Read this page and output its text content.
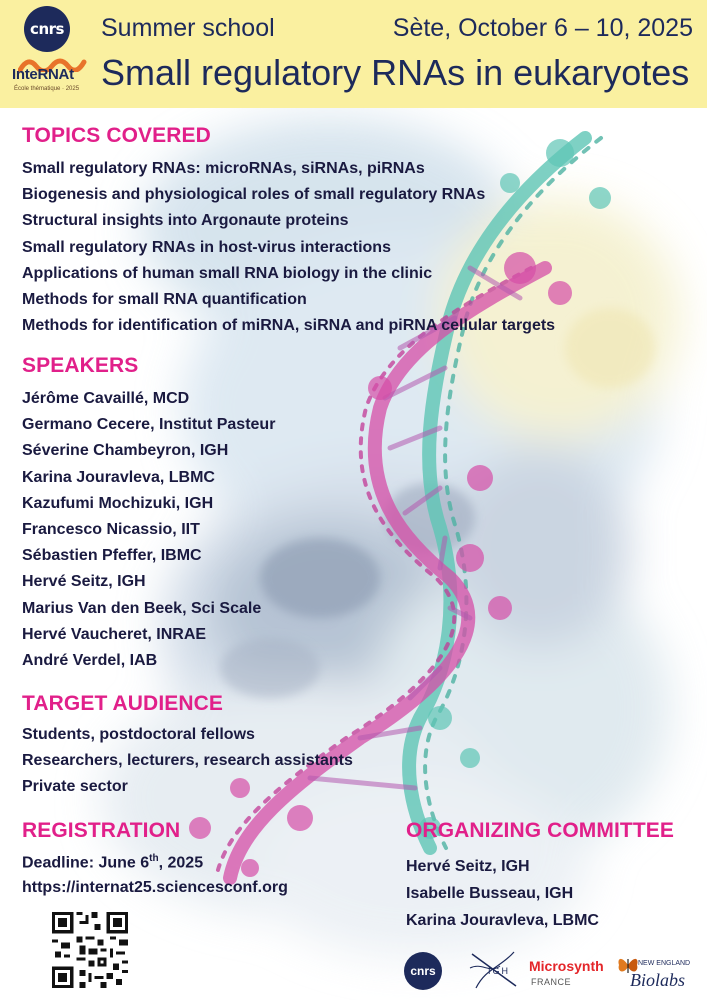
cnrs
InteRNAt
École thématique · 2025
Summer school	Sète, October 6 – 10, 2025
Small regulatory RNAs in eukaryotes
TOPICS COVERED
Small regulatory RNAs: microRNAs, siRNAs, piRNAs
Biogenesis and physiological roles of small regulatory RNAs
Structural insights into Argonaute proteins
Small regulatory RNAs in host-virus interactions
Applications of human small RNA biology in the clinic
Methods for small RNA quantification
Methods for identification of miRNA, siRNA and piRNA cellular targets
SPEAKERS
Jérôme Cavaillé, MCD
Germano Cecere, Institut Pasteur
Séverine Chambeyron, IGH
Karina Jouravleva, LBMC
Kazufumi Mochizuki, IGH
Francesco Nicassio, IIT
Sébastien Pfeffer, IBMC
Hervé Seitz, IGH
Marius Van den Beek, Sci Scale
Hervé Vaucheret, INRAE
André Verdel, IAB
TARGET AUDIENCE
Students, postdoctoral fellows
Researchers, lecturers, research assistants
Private sector
REGISTRATION
Deadline: June 6th, 2025
https://internat25.sciencesconf.org
ORGANIZING COMMITTEE
Hervé Seitz, IGH
Isabelle Busseau, IGH
Karina Jouravleva, LBMC
cnrs	IGH Microsynth
FRANCE
NEW ENGLAND
Biolabs
